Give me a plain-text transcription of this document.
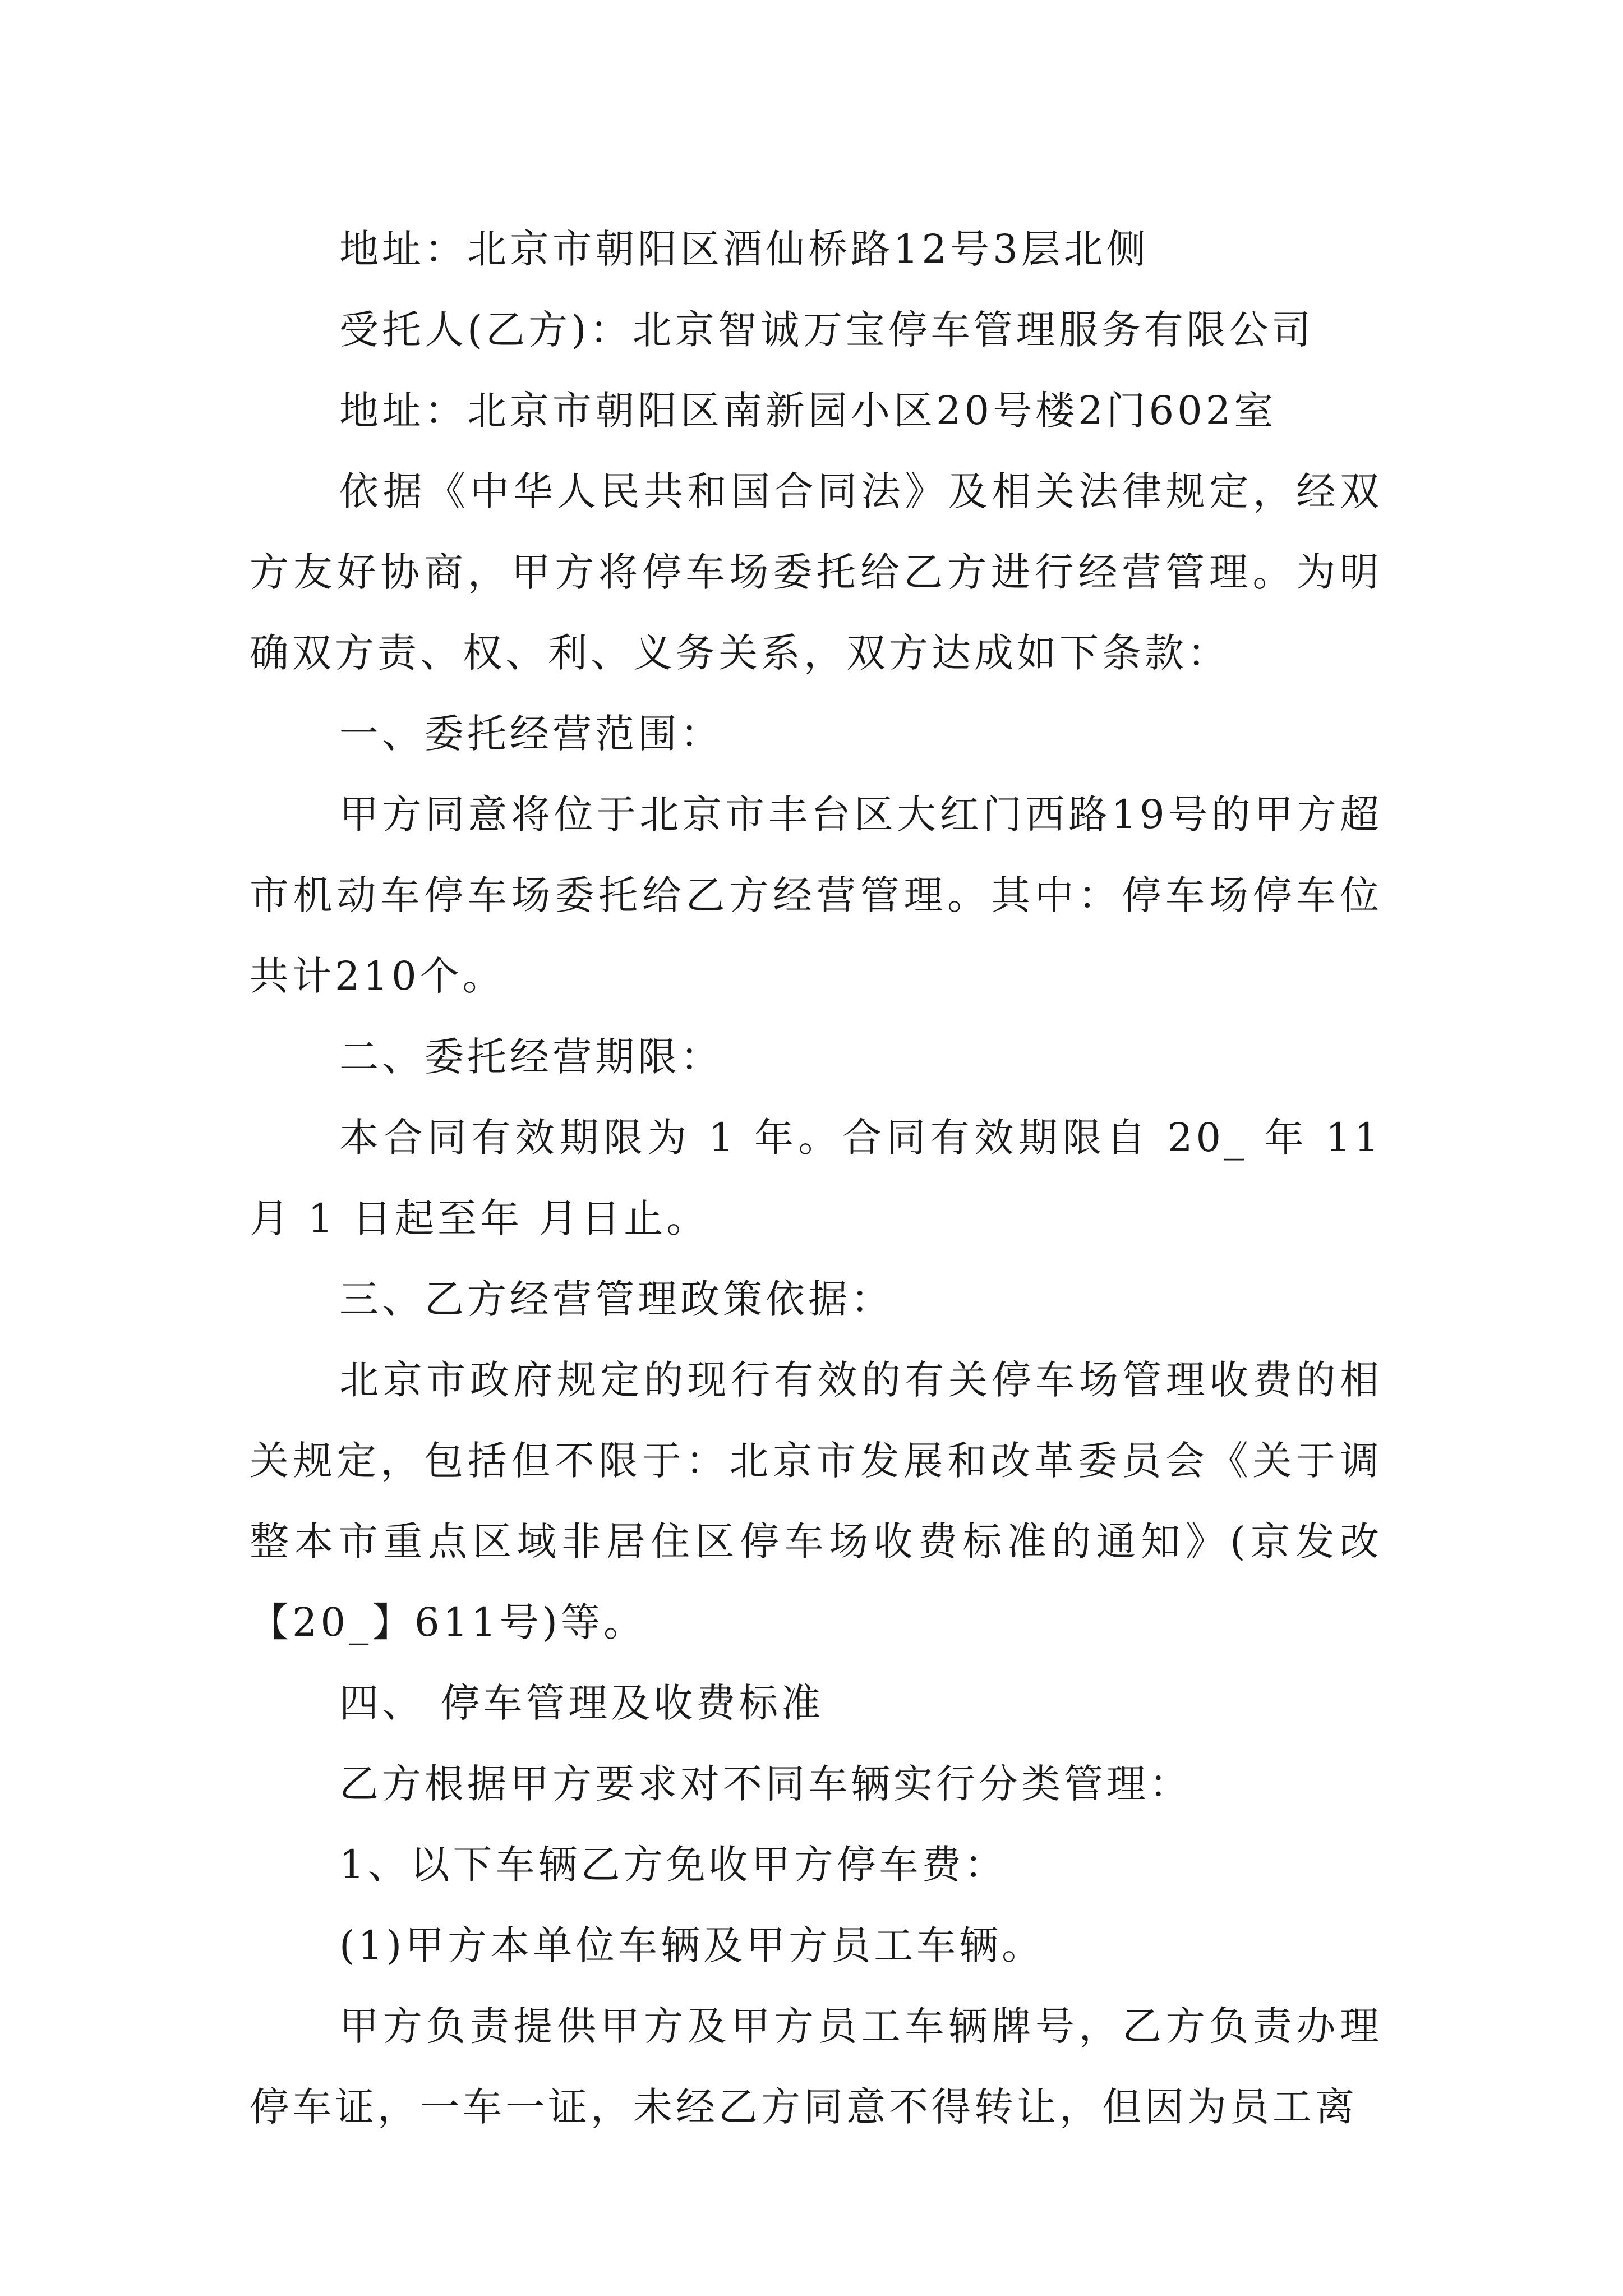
地址：北京市朝阳区酒仙桥路12号3层北侧

受托人(乙方)：北京智诚万宝停车管理服务有限公司

地址：北京市朝阳区南新园小区20号楼2门602室

依据《中华人民共和国合同法》及相关法律规定，经双方友好协商，甲方将停车场委托给乙方进行经营管理。为明确双方责、权、利、义务关系，双方达成如下条款：

一、委托经营范围：

甲方同意将位于北京市丰台区大红门西路19号的甲方超市机动车停车场委托给乙方经营管理。其中：停车场停车位共计210个。

二、委托经营期限：

本合同有效期限为 1 年。合同有效期限自 20_ 年 11 月 1 日起至年 月日止。

三、乙方经营管理政策依据：

北京市政府规定的现行有效的有关停车场管理收费的相关规定，包括但不限于：北京市发展和改革委员会《关于调整本市重点区域非居住区停车场收费标准的通知》(京发改【20_】611号)等。

四、 停车管理及收费标准

乙方根据甲方要求对不同车辆实行分类管理：

1、以下车辆乙方免收甲方停车费：

(1)甲方本单位车辆及甲方员工车辆。

甲方负责提供甲方及甲方员工车辆牌号，乙方负责办理停车证，一车一证，未经乙方同意不得转让，但因为员工离
